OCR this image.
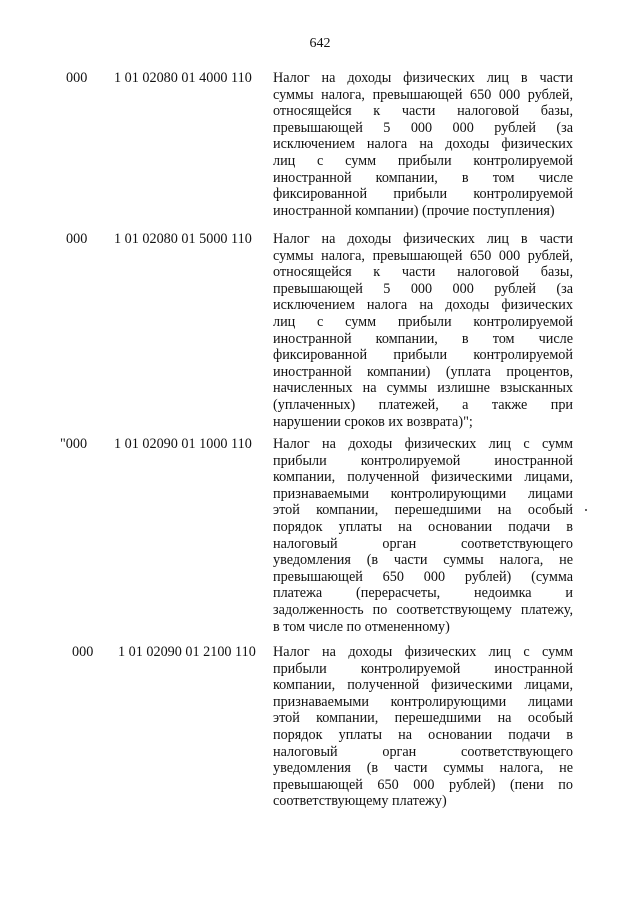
642
000 1 01 02080 01 4000 110 Налог на доходы физических лиц в части
суммы налога, превышающей 650 000 рублей,
относящейся к части налоговой базы,
превышающей 5 000 000 рублей (за
исключением налога на доходы физических
лиц с сумм прибыли контролируемой
иностранной компании, в том числе
фиксированной прибыли контролируемой
иностранной компании) (прочие поступления)
000 1 01 02080 01 5000 110 Налог на доходы физических лиц в части
суммы налога, превышающей 650 000 рублей,
относящейся к части налоговой базы,
превышающей 5 000 000 рублей (за
исключением налога на доходы физических
лиц с сумм прибыли контролируемой
иностранной компании, в том числе
фиксированной прибыли контролируемой
иностранной компании) (уплата процентов,
начисленных на суммы излишне взысканных
(уплаченных) платежей, а также при
нарушении сроков их возврата)";
"000 1 01 02090 01 1000 110 Налог на доходы физических лиц с сумм
прибыли контролируемой иностранной
компании, полученной физическими лицами,
признаваемыми контролирующими лицами
этой компании, перешедшими на особый
порядок уплаты на основании подачи в
налоговый орган соответствующего
уведомления (в части суммы налога, не
превышающей 650 000 рублей) (сумма
платежа (перерасчеты, недоимка и
задолженность по соответствующему платежу,
в том числе по отмененному)
000 1 01 02090 01 2100 110 Налог на доходы физических лиц с сумм
прибыли контролируемой иностранной
компании, полученной физическими лицами,
признаваемыми контролирующими лицами
этой компании, перешедшими на особый
порядок уплаты на основании подачи в
налоговый орган соответствующего
уведомления (в части суммы налога, не
превышающей 650 000 рублей) (пени по
соответствующему платежу)
